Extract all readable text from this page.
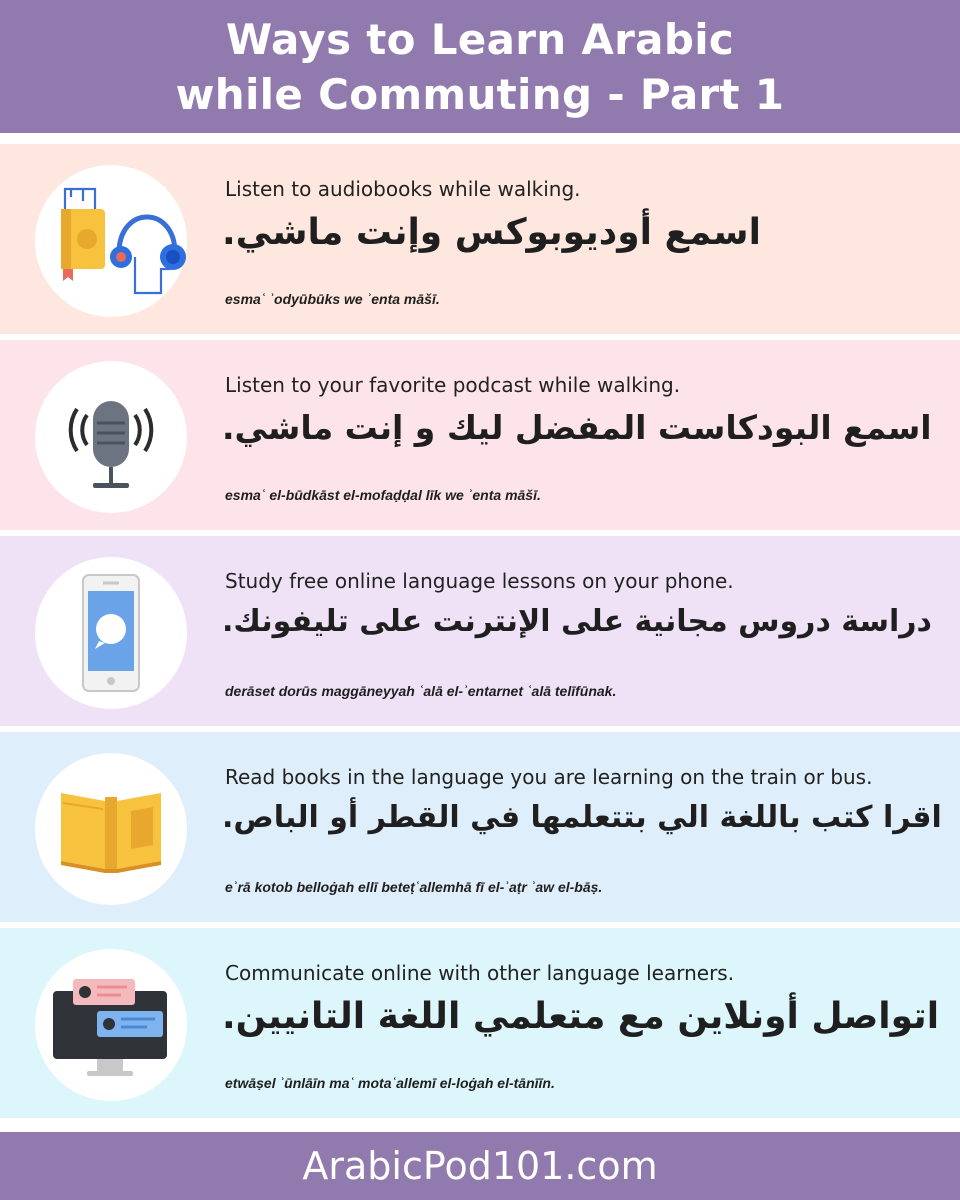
Ways to Learn Arabic
while Commuting - Part 1
Listen to audiobooks while walking.
اسمع أوديوبوكس وإنت ماشي.
esmaʿ ʾodyūbūks we ʾenta māšī.
Listen to your favorite podcast while walking.
اسمع البودكاست المفضل ليك و إنت ماشي.
esmaʿ el-būdkāst el-mofaḍḍal līk we ʾenta māšī.
Study free online language lessons on your phone.
دراسة دروس مجانية على الإنترنت على تليفونك.
derāset dorūs maggāneyyah ʿalā el-ʾentarnet ʿalā telīfūnak.
Read books in the language you are learning on the train or bus.
اقرا كتب باللغة الي بتتعلمها في القطر أو الباص.
eʾrā kotob belloġah ellī beteṭʿallemhā fī el-ʾaṭr ʾaw el-bāṣ.
Communicate online with other language learners.
اتواصل أونلاين مع متعلمي اللغة التانيين.
etwāṣel ʾūnlāīn maʿ motaʿallemī el-loġah el-tānīīn.
ArabicPod101.com
